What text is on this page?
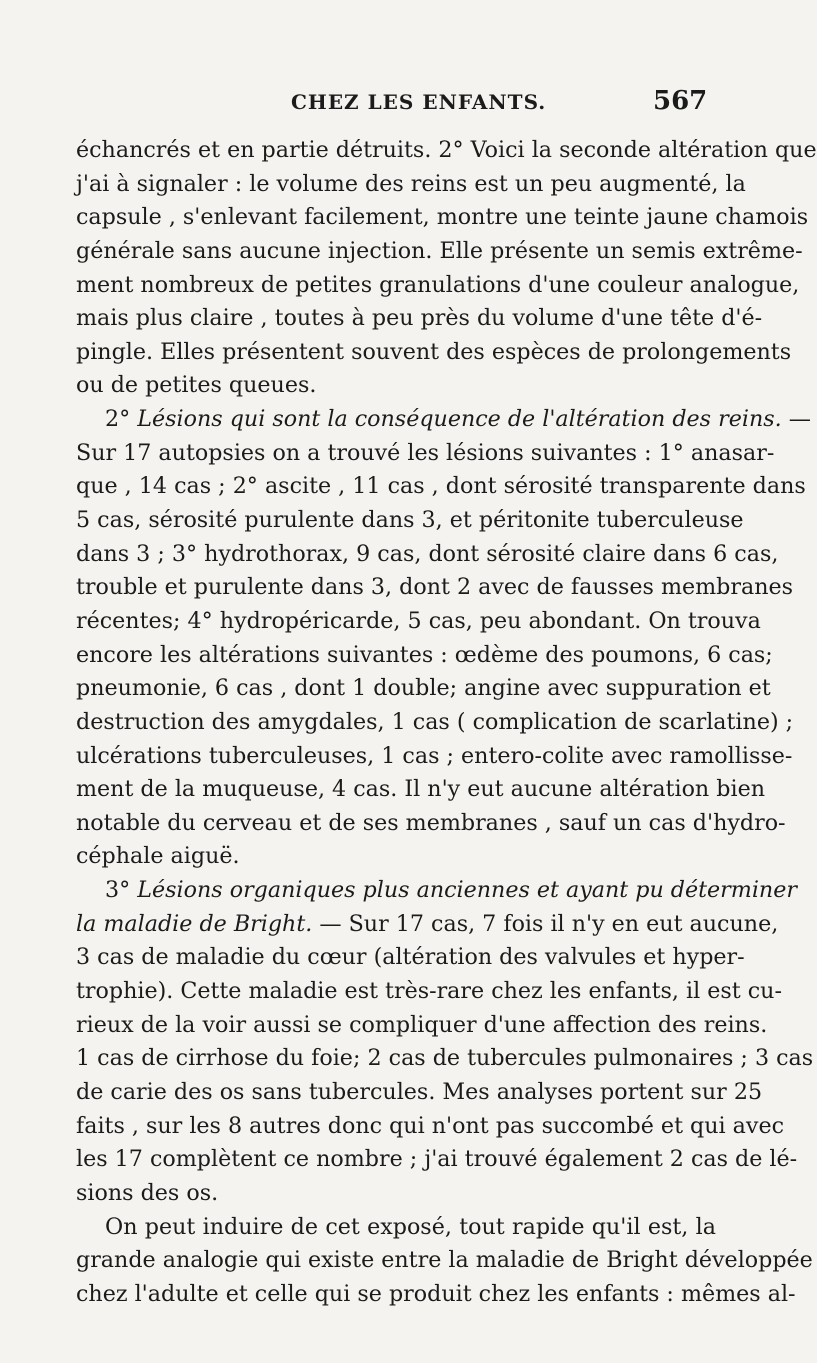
CHEZ LES ENFANTS.	567
échancrés et en partie détruits. 2° Voici la seconde altération que
j'ai à signaler : le volume des reins est un peu augmenté, la
capsule , s'enlevant facilement, montre une teinte jaune chamois
générale sans aucune injection. Elle présente un semis extrême-
ment nombreux de petites granulations d'une couleur analogue,
mais plus claire , toutes à peu près du volume d'une tête d'é-
pingle. Elles présentent souvent des espèces de prolongements
ou de petites queues.
2° Lésions qui sont la conséquence de l'altération des reins. —
Sur 17 autopsies on a trouvé les lésions suivantes : 1° anasar-
que , 14 cas ; 2° ascite , 11 cas , dont sérosité transparente dans
5 cas, sérosité purulente dans 3, et péritonite tuberculeuse
dans 3 ; 3° hydrothorax, 9 cas, dont sérosité claire dans 6 cas,
trouble et purulente dans 3, dont 2 avec de fausses membranes
récentes; 4° hydropéricarde, 5 cas, peu abondant. On trouva
encore les altérations suivantes : œdème des poumons, 6 cas;
pneumonie, 6 cas , dont 1 double; angine avec suppuration et
destruction des amygdales, 1 cas ( complication de scarlatine) ;
ulcérations tuberculeuses, 1 cas ; entero-colite avec ramollisse-
ment de la muqueuse, 4 cas. Il n'y eut aucune altération bien
notable du cerveau et de ses membranes , sauf un cas d'hydro-
céphale aiguë.
3° Lésions organiques plus anciennes et ayant pu déterminer
la maladie de Bright. — Sur 17 cas, 7 fois il n'y en eut aucune,
3 cas de maladie du cœur (altération des valvules et hyper-
trophie). Cette maladie est très-rare chez les enfants, il est cu-
rieux de la voir aussi se compliquer d'une affection des reins.
1 cas de cirrhose du foie; 2 cas de tubercules pulmonaires ; 3 cas
de carie des os sans tubercules. Mes analyses portent sur 25
faits , sur les 8 autres donc qui n'ont pas succombé et qui avec
les 17 complètent ce nombre ; j'ai trouvé également 2 cas de lé-
sions des os.
On peut induire de cet exposé, tout rapide qu'il est, la
grande analogie qui existe entre la maladie de Bright développée
chez l'adulte et celle qui se produit chez les enfants : mêmes al-
